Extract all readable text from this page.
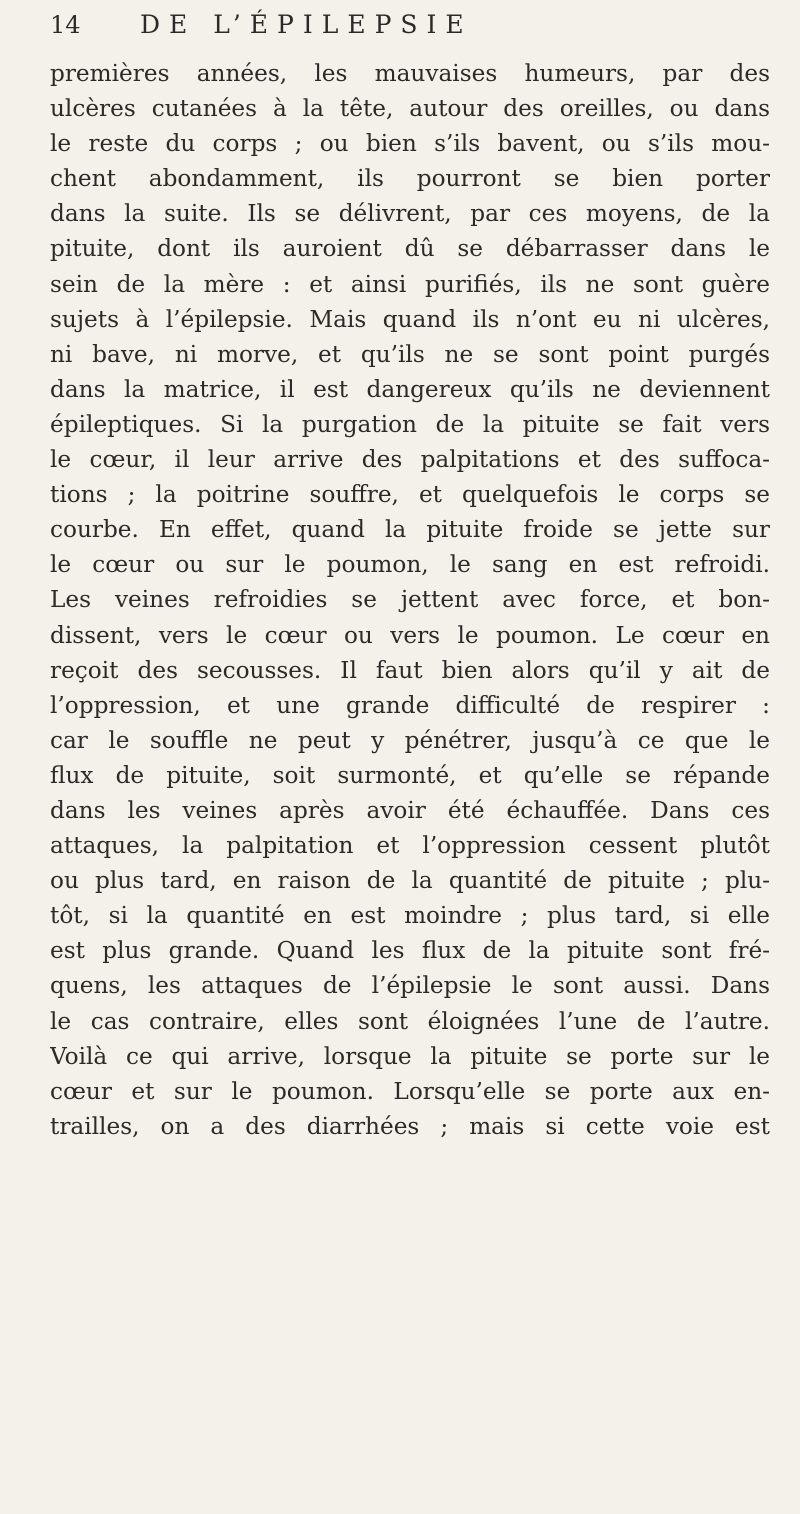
14	DE L’ÉPILEPSIE
premières années, les mauvaises humeurs, par des
ulcères cutanées à la tête, autour des oreilles, ou dans
le reste du corps ; ou bien s’ils bavent, ou s’ils mou-
chent abondamment, ils pourront se bien porter
dans la suite. Ils se délivrent, par ces moyens, de la
pituite, dont ils auroient dû se débarrasser dans le
sein de la mère : et ainsi purifiés, ils ne sont guère
sujets à l’épilepsie. Mais quand ils n’ont eu ni ulcères,
ni bave, ni morve, et qu’ils ne se sont point purgés
dans la matrice, il est dangereux qu’ils ne deviennent
épileptiques. Si la purgation de la pituite se fait vers
le cœur, il leur arrive des palpitations et des suffoca-
tions ; la poitrine souffre, et quelquefois le corps se
courbe. En effet, quand la pituite froide se jette sur
le cœur ou sur le poumon, le sang en est refroidi.
Les veines refroidies se jettent avec force, et bon-
dissent, vers le cœur ou vers le poumon. Le cœur en
reçoit des secousses. Il faut bien alors qu’il y ait de
l’oppression, et une grande difficulté de respirer :
car le souffle ne peut y pénétrer, jusqu’à ce que le
flux de pituite, soit surmonté, et qu’elle se répande
dans les veines après avoir été échauffée. Dans ces
attaques, la palpitation et l’oppression cessent plutôt
ou plus tard, en raison de la quantité de pituite ; plu-
tôt, si la quantité en est moindre ; plus tard, si elle
est plus grande. Quand les flux de la pituite sont fré-
quens, les attaques de l’épilepsie le sont aussi. Dans
le cas contraire, elles sont éloignées l’une de l’autre.
Voilà ce qui arrive, lorsque la pituite se porte sur le
cœur et sur le poumon. Lorsqu’elle se porte aux en-
trailles, on a des diarrhées ; mais si cette voie est
